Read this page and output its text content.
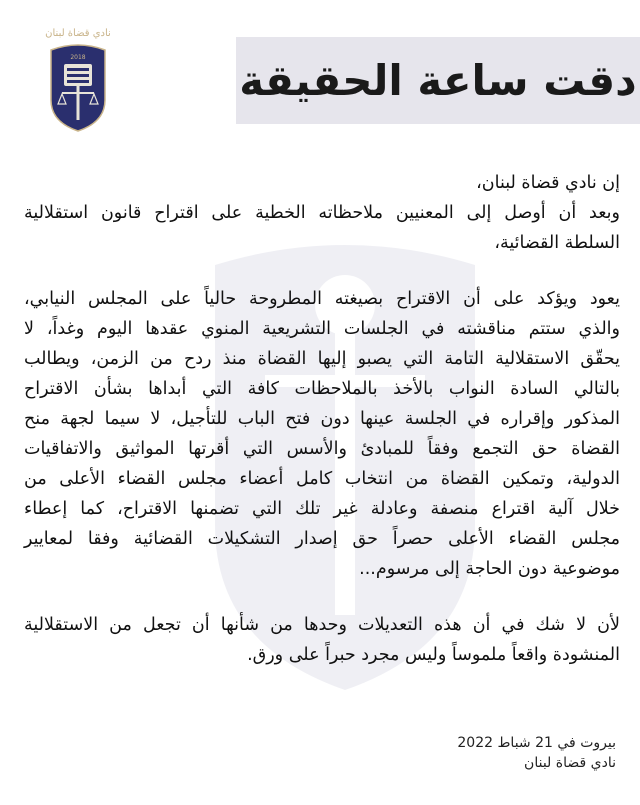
نادي قضاة لبنان
2018	دقت ساعة الحقيقة
إن نادي قضاة لبنان،
وبعد أن أوصل إلى المعنيين ملاحظاته الخطية على اقتراح قانون استقلالية
السلطة القضائية،
يعود ويؤكد على أن الاقتراح بصيغته المطروحة حالياً على المجلس النيابي،
والذي ستتم مناقشته في الجلسات التشريعية المنوي عقدها اليوم وغداً، لا
يحقّق الاستقلالية التامة التي يصبو إليها القضاة منذ ردح من الزمن، ويطالب
بالتالي السادة النواب بالأخذ بالملاحظات كافة التي أبداها بشأن الاقتراح
المذكور وإقراره في الجلسة عينها دون فتح الباب للتأجيل، لا سيما لجهة منح
القضاة حق التجمع وفقاً للمبادئ والأسس التي أقرتها المواثيق والاتفاقيات
الدولية، وتمكين القضاة من انتخاب كامل أعضاء مجلس القضاء الأعلى من
خلال آلية اقتراع منصفة وعادلة غير تلك التي تضمنها الاقتراح، كما إعطاء
مجلس القضاء الأعلى حصراً حق إصدار التشكيلات القضائية وفقا لمعايير
موضوعية دون الحاجة إلى مرسوم...
لأن لا شك في أن هذه التعديلات وحدها من شأنها أن تجعل من الاستقلالية
المنشودة واقعاً ملموساً وليس مجرد حبراً على ورق.
بيروت في 21 شباط 2022
نادي قضاة لبنان
